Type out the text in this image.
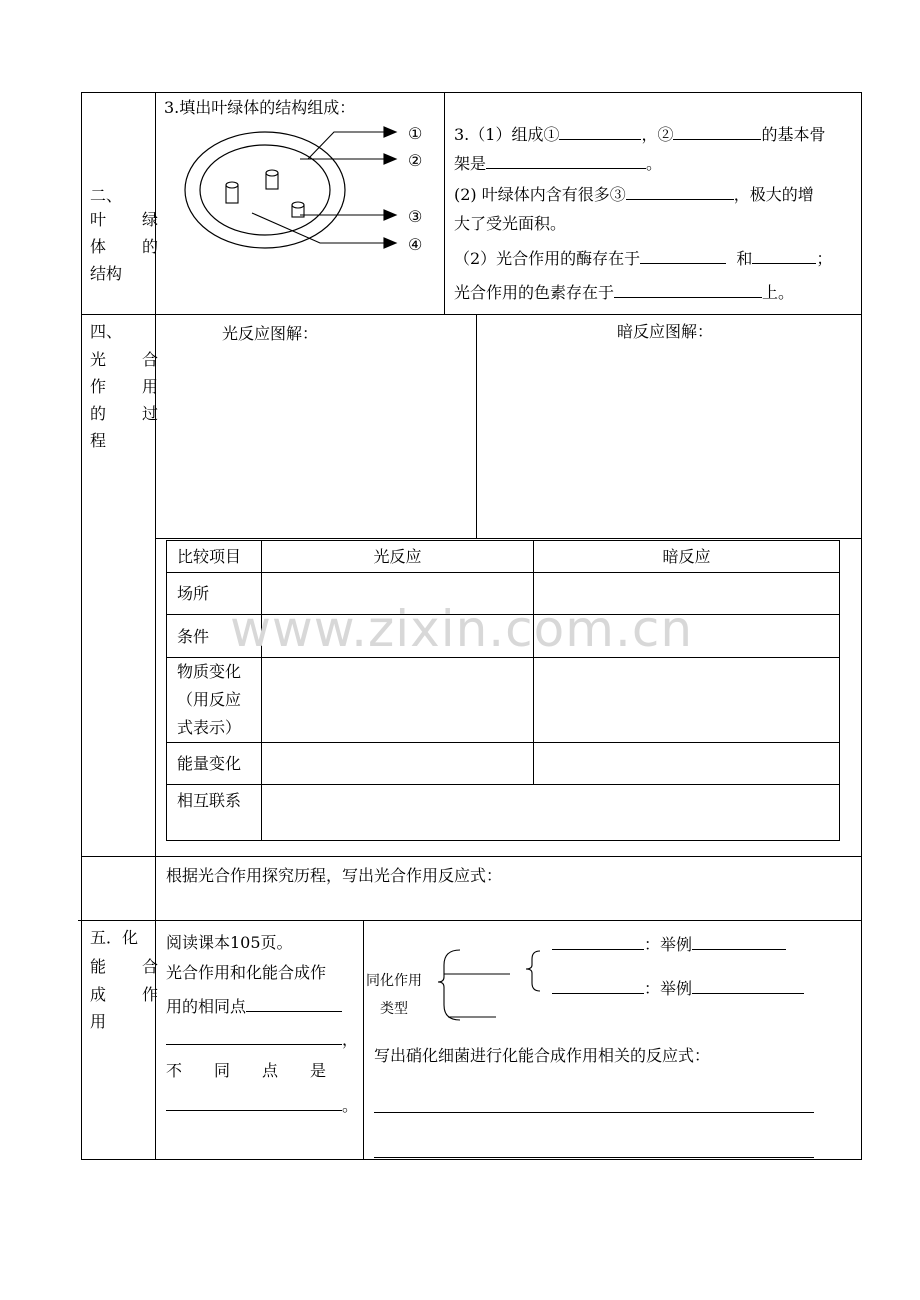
二、
叶　绿
体　的
结构
3.填出叶绿体的结构组成：
①
②
③
④
3.（1）组成①	，②	的基本骨
架是	。
(2) 叶绿体内含有很多③	，极大的增
大了受光面积。
（2）光合作用的酶存在于	和	；
光合作用的色素存在于	上。
四、
光　合
作　用
的　过
程
光反应图解：	暗反应图解：
比较项目	光反应	暗反应
场所		
条件		

物质变化
（用反应
式表示）		

能量变化		
相互联系		
根据光合作用探究历程，写出光合作用反应式：
五．化
能　合
成　作
用
阅读课本105页。
光合作用和化能合成作
用的相同点
，
不　　同　　点　　是
。
同化作用
类型
：举例
：举例
写出硝化细菌进行化能合成作用相关的反应式：
www.zixin.com.cn
